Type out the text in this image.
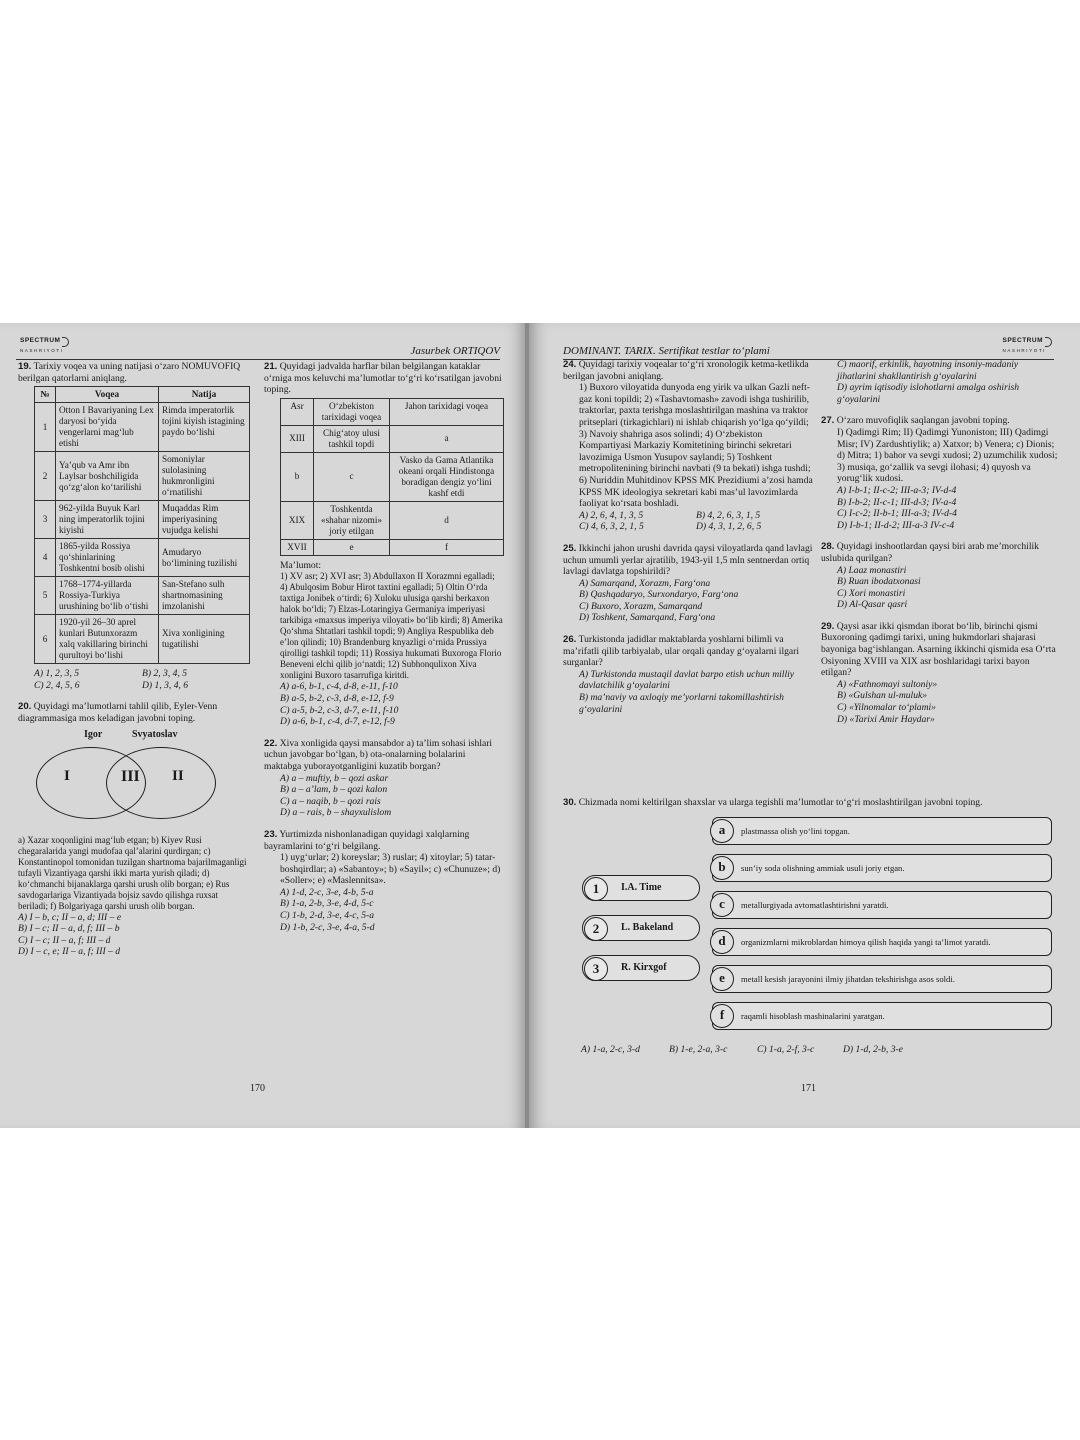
SPECTRUM
NASHRIYOTI	Jasurbek ORTIQOV
19. Tarixiy voqea va uning natijasi o‘zaro NOMUVOFIQ berilgan qatorlarni aniqlang.
№	Voqea	Natija
1	Otton I Bavariyaning Lex daryosi bo‘yida vengerlarni mag‘lub etishi	Rimda imperatorlik tojini kiyish istagining paydo bo‘lishi
2	Ya’qub va Amr ibn Laylsar boshchiligida qo‘zg‘alon ko‘tarilishi	Somoniylar sulolasining hukmronligini o‘rnatilishi
3	962-yilda Buyuk Karl ning imperatorlik tojini kiyishi	Muqaddas Rim imperiyasining vujudga kelishi
4	1865-yilda Rossiya qo‘shinlarining Toshkentni bosib olishi	Amudaryo bo‘limining tuzilishi
5	1768–1774-yillarda Rossiya-Turkiya urushining bo‘lib o‘tishi	San-Stefano sulh shartnomasining imzolanishi
6	1920-yil 26–30 aprel kunlari Butunxorazm xalq vakillaring birinchi qurultoyi bo‘lishi	Xiva xonligining tugatilishi
A) 1, 2, 3, 5	B) 2, 3, 4, 5
C) 2, 4, 5, 6	D) 1, 3, 4, 6
20. Quyidagi ma’lumotlarni tahlil qilib, Eyler-Venn diagrammasiga mos keladigan javobni toping.
Igor	Svyatoslav
I	III II
a) Xazar xoqonligini mag‘lub etgan; b) Kiyev Rusi chegaralarida yangi mudofaa qal’alarini qurdirgan; c) Konstantinopol tomonidan tuzilgan shartnoma bajarilmaganligi tufayli Vizantiyaga qarshi ikki marta yurish qiladi; d) ko‘chmanchi bijanaklarga qarshi urush olib borgan; e) Rus savdogarlariga Vizantiyada bojsiz savdo qilishga ruxsat beriladi; f) Bolgariyaga qarshi urush olib borgan.
A) I – b, c; II – a, d; III – e
B) I – c; II – a, d, f; III – b
C) I – c; II – a, f; III – d
D) I – c, e; II – a, f; III – d
21. Quyidagi jadvalda harflar bilan belgilangan kataklar o‘rniga mos keluvchi ma’lumotlar to‘g‘ri ko‘rsatilgan javobni toping.
Asr	O‘zbekiston tarixidagi voqea	Jahon tarixidagi voqea
XIII	Chig‘atoy ulusi tashkil topdi	a
b	c	Vasko da Gama Atlantika okeani orqali Hindistonga boradigan dengiz yo‘lini kashf etdi
XIX	Toshkentda «shahar nizomi» joriy etilgan	d
XVII	e	f
Ma’lumot:
1) XV asr; 2) XVI asr; 3) Abdullaxon II Xorazmni egalladi; 4) Abulqosim Bobur Hirot taxtini egalladi; 5) Oltin O‘rda taxtiga Jonibek o‘tirdi; 6) Xuloku ulusiga qarshi berkaxon halok bo‘ldi; 7) Elzas-Lotaringiya Germaniya imperiyasi tarkibiga «maxsus imperiya viloyati» bo‘lib kirdi; 8) Amerika Qo‘shma Shtatlari tashkil topdi; 9) Angliya Respublika deb e’lon qilindi; 10) Brandenburg knyazligi o‘rnida Prussiya qirolligi tashkil topdi; 11) Rossiya hukumati Buxoroga Florio Beneveni elchi qilib jo‘natdi; 12) Subhonqulixon Xiva xonligini Buxoro tasarrufiga kiritdi.
A) a-6, b-1, c-4, d-8, e-11, f-10
B) a-5, b-2, c-3, d-8, e-12, f-9
C) a-5, b-2, c-3, d-7, e-11, f-10
D) a-6, b-1, c-4, d-7, e-12, f-9
22. Xiva xonligida qaysi mansabdor a) ta’lim sohasi ishlari uchun javobgar bo‘lgan, b) ota-onalarning bolalarini maktabga yuborayotganligini kuzatib borgan?
A) a – muftiy, b – qozi askar
B) a – a’lam, b – qozi kalon
C) a – naqib, b – qozi rais
D) a – rais, b – shayxulislom
23. Yurtimizda nishonlanadigan quyidagi xalqlarning bayramlarini to‘g‘ri belgilang.
1) uyg‘urlar; 2) koreyslar; 3) ruslar; 4) xitoylar; 5) tatar-boshqirdlar; a) «Sabantoy»; b) «Sayil»; c) «Chunuze»; d) «Soller»; e) «Maslennitsa».
A) 1-d, 2-c, 3-e, 4-b, 5-a
B) 1-a, 2-b, 3-e, 4-d, 5-c
C) 1-b, 2-d, 3-e, 4-c, 5-a
D) 1-b, 2-c, 3-e, 4-a, 5-d
170
DOMINANT. TARIX. Sertifikat testlar to‘plami
SPECTRUM
NASHRIYOTI
24. Quyidagi tarixiy voqealar to‘g‘ri xronologik ketma-ketlikda berilgan javobni aniqlang.
1) Buxoro viloyatida dunyoda eng yirik va ulkan Gazli neft-gaz koni topildi; 2) «Tashavtomash» zavodi ishga tushirilib, traktorlar, paxta terishga moslashtirilgan mashina va traktor pritseplari (tirkagichlari) ni ishlab chiqarish yo‘lga qo‘yildi; 3) Navoiy shahriga asos solindi; 4) O‘zbekiston Kompartiyasi Markaziy Komitetining birinchi sekretari lavozimiga Usmon Yusupov saylandi; 5) Toshkent metropolitenining birinchi navbati (9 ta bekati) ishga tushdi; 6) Nuriddin Muhitdinov KPSS MK Prezidiumi a’zosi hamda KPSS MK ideologiya sekretari kabi mas’ul lavozimlarda faoliyat ko‘rsata boshladi.
A) 2, 6, 4, 1, 3, 5	B) 4, 2, 6, 3, 1, 5
C) 4, 6, 3, 2, 1, 5	D) 4, 3, 1, 2, 6, 5
25. Ikkinchi jahon urushi davrida qaysi viloyatlarda qand lavlagi uchun umumli yerlar ajratilib, 1943-yil 1,5 mln sentnerdan ortiq lavlagi davlatga topshirildi?
A) Samarqand, Xorazm, Farg‘ona
B) Qashqadaryo, Surxondaryo, Farg‘ona
C) Buxoro, Xorazm, Samarqand
D) Toshkent, Samarqand, Farg‘ona
26. Turkistonda jadidlar maktablarda yoshlarni bilimli va ma’rifatli qilib tarbiyalab, ular orqali qanday g‘oyalarni ilgari surganlar?
A) Turkistonda mustaqil davlat barpo etish uchun milliy davlatchilik g‘oyalarini
B) ma’naviy va axloqiy me’yorlarni takomillashtirish g‘oyalarini
C) maorif, erkinlik, hayotning insoniy-madaniy jihatlarini shakllantirish g‘oyalarini
D) ayrim iqtisodiy islohotlarni amalga oshirish g‘oyalarini
27. O‘zaro muvofiqlik saqlangan javobni toping.
I) Qadimgi Rim; II) Qadimgi Yunoniston; III) Qadimgi Misr; IV) Zardushtiylik; a) Xatxor; b) Venera; c) Dionis; d) Mitra; 1) bahor va sevgi xudosi; 2) uzumchilik xudosi; 3) musiqa, go‘zallik va sevgi ilohasi; 4) quyosh va yorug‘lik xudosi.
A) I-b-1; II-c-2; III-a-3; IV-d-4
B) I-b-2; II-c-1; III-d-3; IV-a-4
C) I-c-2; II-b-1; III-a-3; IV-d-4
D) I-b-1; II-d-2; III-a-3 IV-c-4
28. Quyidagi inshootlardan qaysi biri arab me’morchilik uslubida qurilgan?
A) Laaz monastiri
B) Ruan ibodatxonasi
C) Xori monastiri
D) Al-Qasar qasri
29. Qaysi asar ikki qismdan iborat bo‘lib, birinchi qismi Buxoroning qadimgi tarixi, uning hukmdorlari shajarasi bayoniga bag‘ishlangan. Asarning ikkinchi qismida esa O‘rta Osiyoning XVIII va XIX asr boshlaridagi tarixi bayon etilgan?
A) «Fathnomayi sultoniy»
B) «Gulshan ul-muluk»
C) «Yilnomalar to‘plami»
D) «Tarixi Amir Haydar»
30. Chizmada nomi keltirilgan shaxslar va ularga tegishli ma’lumotlar to‘g‘ri moslashtirilgan javobni toping.
a	plastmassa olish yo‘lini topgan.
b	sun’iy soda olishning ammiak usuli joriy etgan.
c	metallurgiyada avtomatlashtirishni yaratdi.
d	organizmlarni mikroblardan himoya qilish haqida yangi ta’limot yaratdi.
e	metall kesish jarayonini ilmiy jihatdan tekshirishga asos soldi.
f	raqamli hisoblash mashinalarini yaratgan.
1	I.A. Time
2	L. Bakeland
3	R. Kirxgof
A) 1-a, 2-c, 3-d	B) 1-e, 2-a, 3-c	C) 1-a, 2-f, 3-c	D) 1-d, 2-b, 3-e
171
